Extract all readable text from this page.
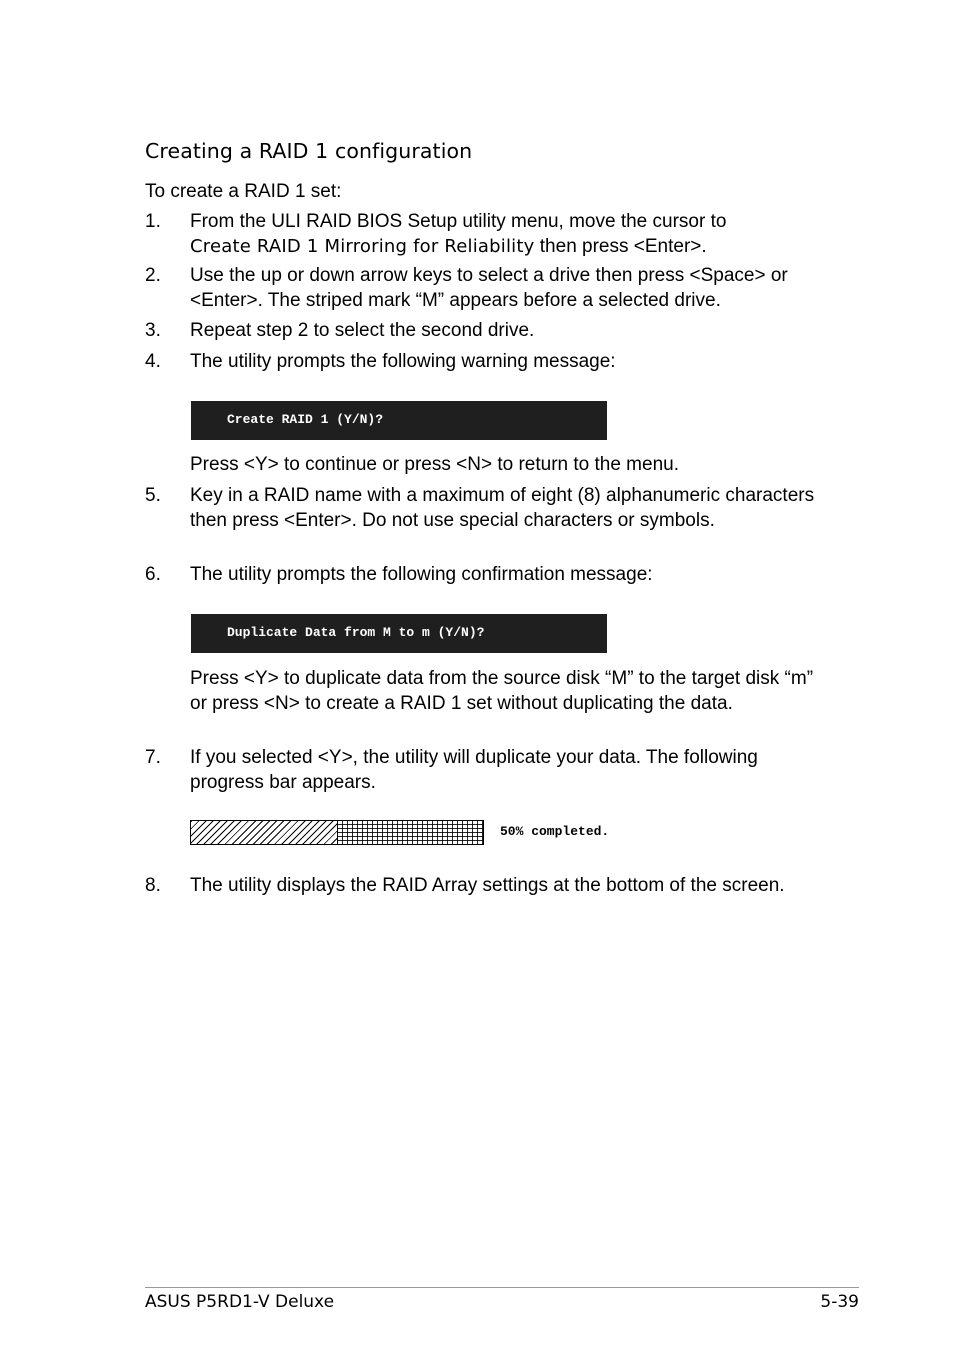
Creating a RAID 1 configuration
To create a RAID 1 set:
1. From the ULI RAID BIOS Setup utility menu, move the cursor to
Create RAID 1 Mirroring for Reliability then press <Enter>.
2. Use the up or down arrow keys to select a drive then press <Space> or <Enter>. The striped mark “M” appears before a selected drive.
3. Repeat step 2 to select the second drive.
4. The utility prompts the following warning message:
Create RAID 1 (Y/N)?
Press <Y> to continue or press <N> to return to the menu.
5. Key in a RAID name with a maximum of eight (8) alphanumeric characters then press <Enter>. Do not use special characters or symbols.
6. The utility prompts the following confirmation message:
Duplicate Data from M to m (Y/N)?
Press <Y> to duplicate data from the source disk “M” to the target disk “m” or press <N> to create a RAID 1 set without duplicating the data.
7. If you selected <Y>, the utility will duplicate your data. The following progress bar appears.
50% completed.
8. The utility displays the RAID Array settings at the bottom of the screen.
ASUS P5RD1-V Deluxe	5-39
